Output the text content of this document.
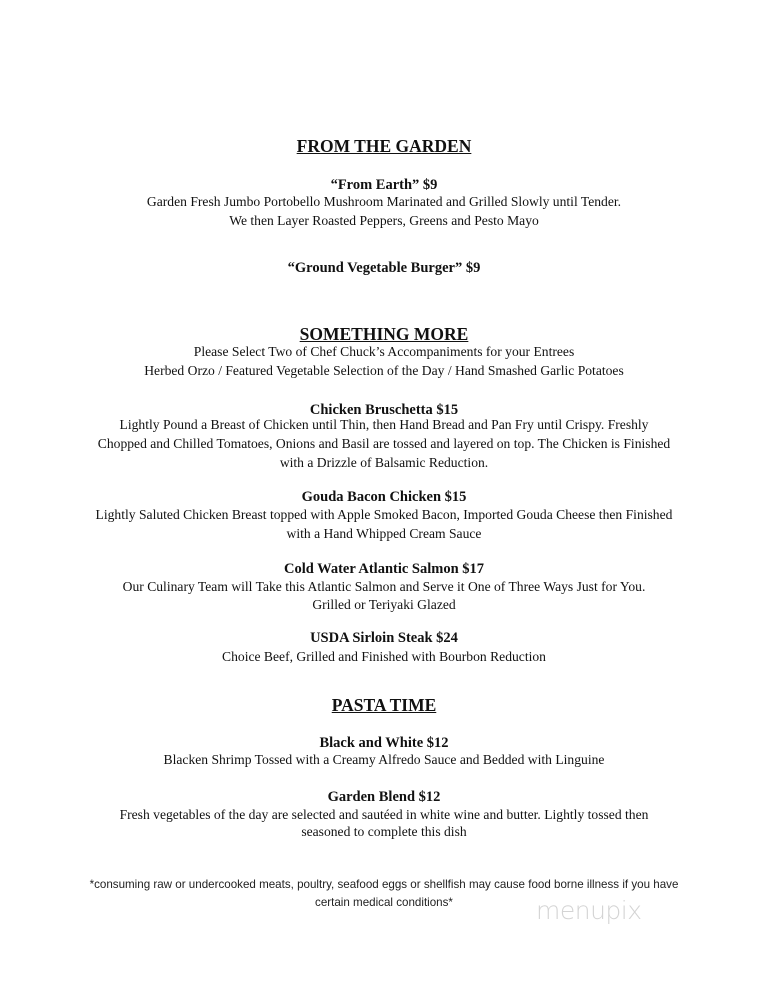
FROM THE GARDEN
“From Earth” $9
Garden Fresh Jumbo Portobello Mushroom Marinated and Grilled Slowly until Tender.
We then Layer Roasted Peppers, Greens and Pesto Mayo
“Ground Vegetable Burger” $9
SOMETHING MORE
Please Select Two of Chef Chuck’s Accompaniments for your Entrees
Herbed Orzo / Featured Vegetable Selection of the Day / Hand Smashed Garlic Potatoes
Chicken Bruschetta $15
Lightly Pound a Breast of Chicken until Thin, then Hand Bread and Pan Fry until Crispy. Freshly
Chopped and Chilled Tomatoes, Onions and Basil are tossed and layered on top. The Chicken is Finished
with a Drizzle of Balsamic Reduction.
Gouda Bacon Chicken $15
Lightly Saluted Chicken Breast topped with Apple Smoked Bacon, Imported Gouda Cheese then Finished
with a Hand Whipped Cream Sauce
Cold Water Atlantic Salmon $17
Our Culinary Team will Take this Atlantic Salmon and Serve it One of Three Ways Just for You.
Grilled or Teriyaki Glazed
USDA Sirloin Steak $24
Choice Beef, Grilled and Finished with Bourbon Reduction
PASTA TIME
Black and White $12
Blacken Shrimp Tossed with a Creamy Alfredo Sauce and Bedded with Linguine
Garden Blend $12
Fresh vegetables of the day are selected and sautéed in white wine and butter. Lightly tossed then
seasoned to complete this dish
*consuming raw or undercooked meats, poultry, seafood eggs or shellfish may cause food borne illness if you have
certain medical conditions*	menupix
